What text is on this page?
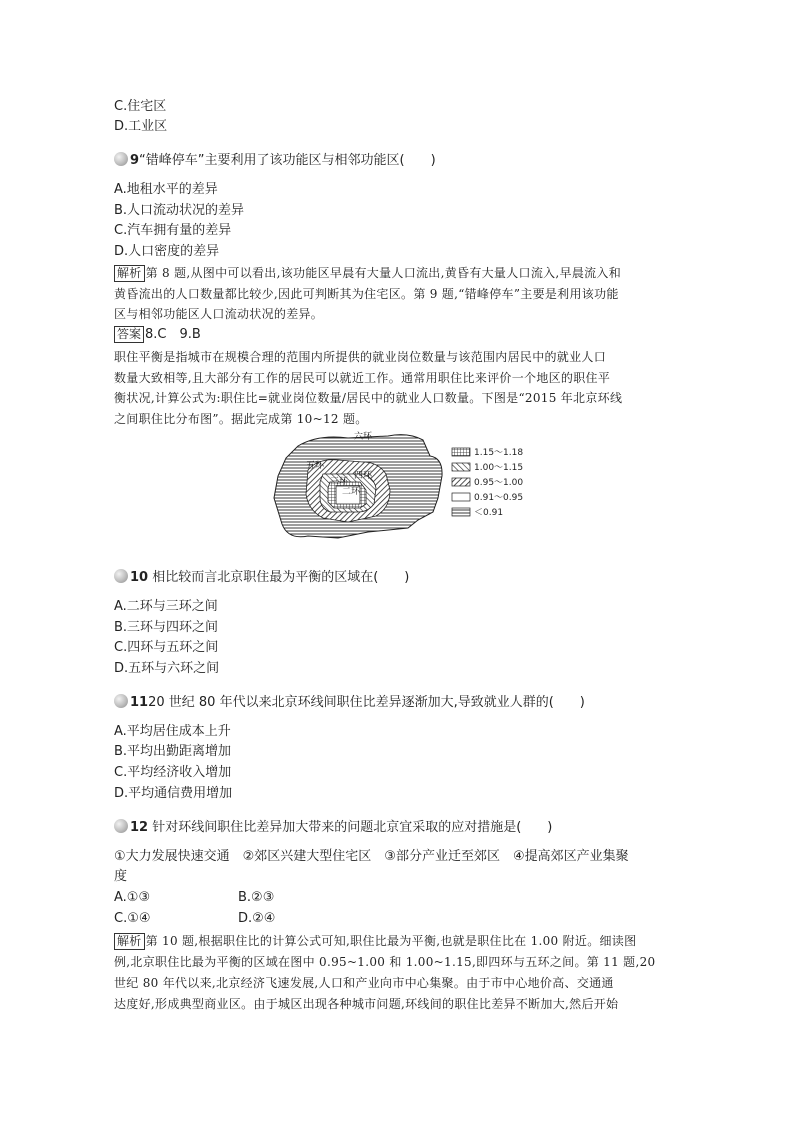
C.住宅区
D.工业区
9“错峰停车”主要利用了该功能区与相邻功能区(　　)
A.地租水平的差异
B.人口流动状况的差异
C.汽车拥有量的差异
D.人口密度的差异
解析 第 8 题,从图中可以看出,该功能区早晨有大量人口流出,黄昏有大量人口流入,早晨流入和
黄昏流出的人口数量都比较少,因此可判断其为住宅区。第 9 题,“错峰停车”主要是利用该功能
区与相邻功能区人口流动状况的差异。
答案 8.C　9.B
职住平衡是指城市在规模合理的范围内所提供的就业岗位数量与该范围内居民中的就业人口
数量大致相等,且大部分有工作的居民可以就近工作。通常用职住比来评价一个地区的职住平
衡状况,计算公式为:职住比=就业岗位数量/居民中的就业人口数量。下图是“2015 年北京环线
之间职住比分布图”。据此完成第 10~12 题。
六环
五环
四环
三环
二环
1.15～1.18
1.00～1.15
0.95～1.00
0.91～0.95
＜0.91
10 相比较而言北京职住最为平衡的区域在(　　)
A.二环与三环之间
B.三环与四环之间
C.四环与五环之间
D.五环与六环之间
1120 世纪 80 年代以来北京环线间职住比差异逐渐加大,导致就业人群的(　　)
A.平均居住成本上升
B.平均出勤距离增加
C.平均经济收入增加
D.平均通信费用增加
12 针对环线间职住比差异加大带来的问题北京宜采取的应对措施是(　　)
①大力发展快速交通　②郊区兴建大型住宅区　③部分产业迁至郊区　④提高郊区产业集聚
度
A.①③	B.②③
C.①④	D.②④
解析 第 10 题,根据职住比的计算公式可知,职住比最为平衡,也就是职住比在 1.00 附近。细读图
例,北京职住比最为平衡的区域在图中 0.95~1.00 和 1.00~1.15,即四环与五环之间。第 11 题,20
世纪 80 年代以来,北京经济飞速发展,人口和产业向市中心集聚。由于市中心地价高、交通通
达度好,形成典型商业区。由于城区出现各种城市问题,环线间的职住比差异不断加大,然后开始
